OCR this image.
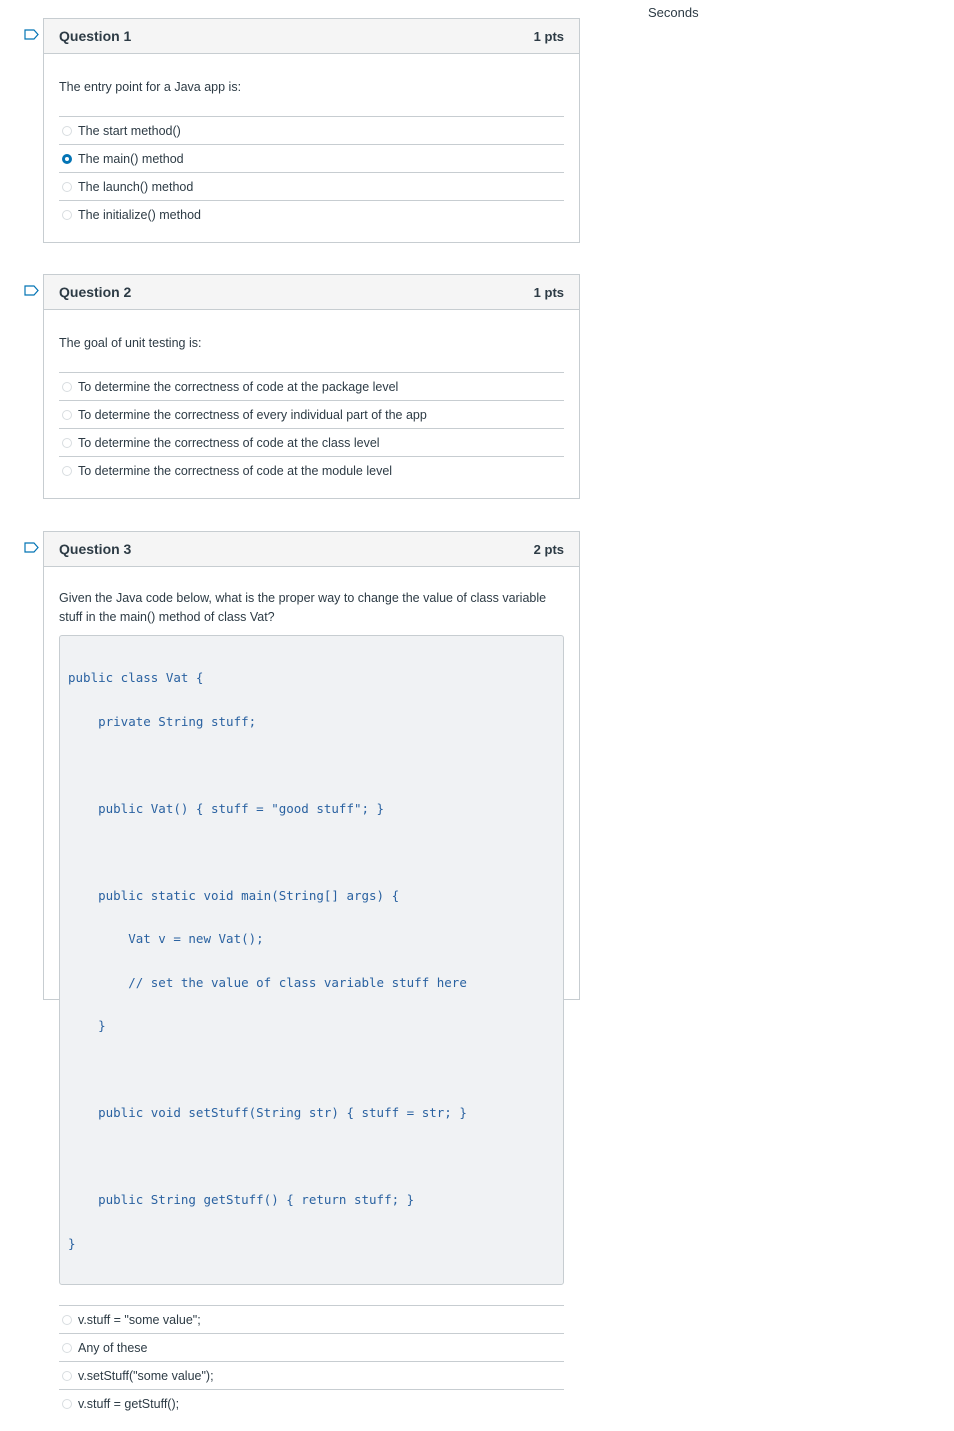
Seconds
Question 1	1 pts
The entry point for a Java app is:
The start method()
The main() method
The launch() method
The initialize() method
Question 2	1 pts
The goal of unit testing is:
To determine the correctness of code at the package level
To determine the correctness of every individual part of the app
To determine the correctness of code at the class level
To determine the correctness of code at the module level
Question 3	2 pts
Given the Java code below, what is the proper way to change the value of class variable stuff in the main() method of class Vat?

public class Vat {

private String stuff;

public Vat() { stuff = "good stuff"; }

public static void main(String[] args) {

Vat v = new Vat();

// set the value of class variable stuff here

}

public void setStuff(String str) { stuff = str; }

public String getStuff() { return stuff; }

}

v.stuff = "some value";
Any of these
v.setStuff("some value");
v.stuff = getStuff();
